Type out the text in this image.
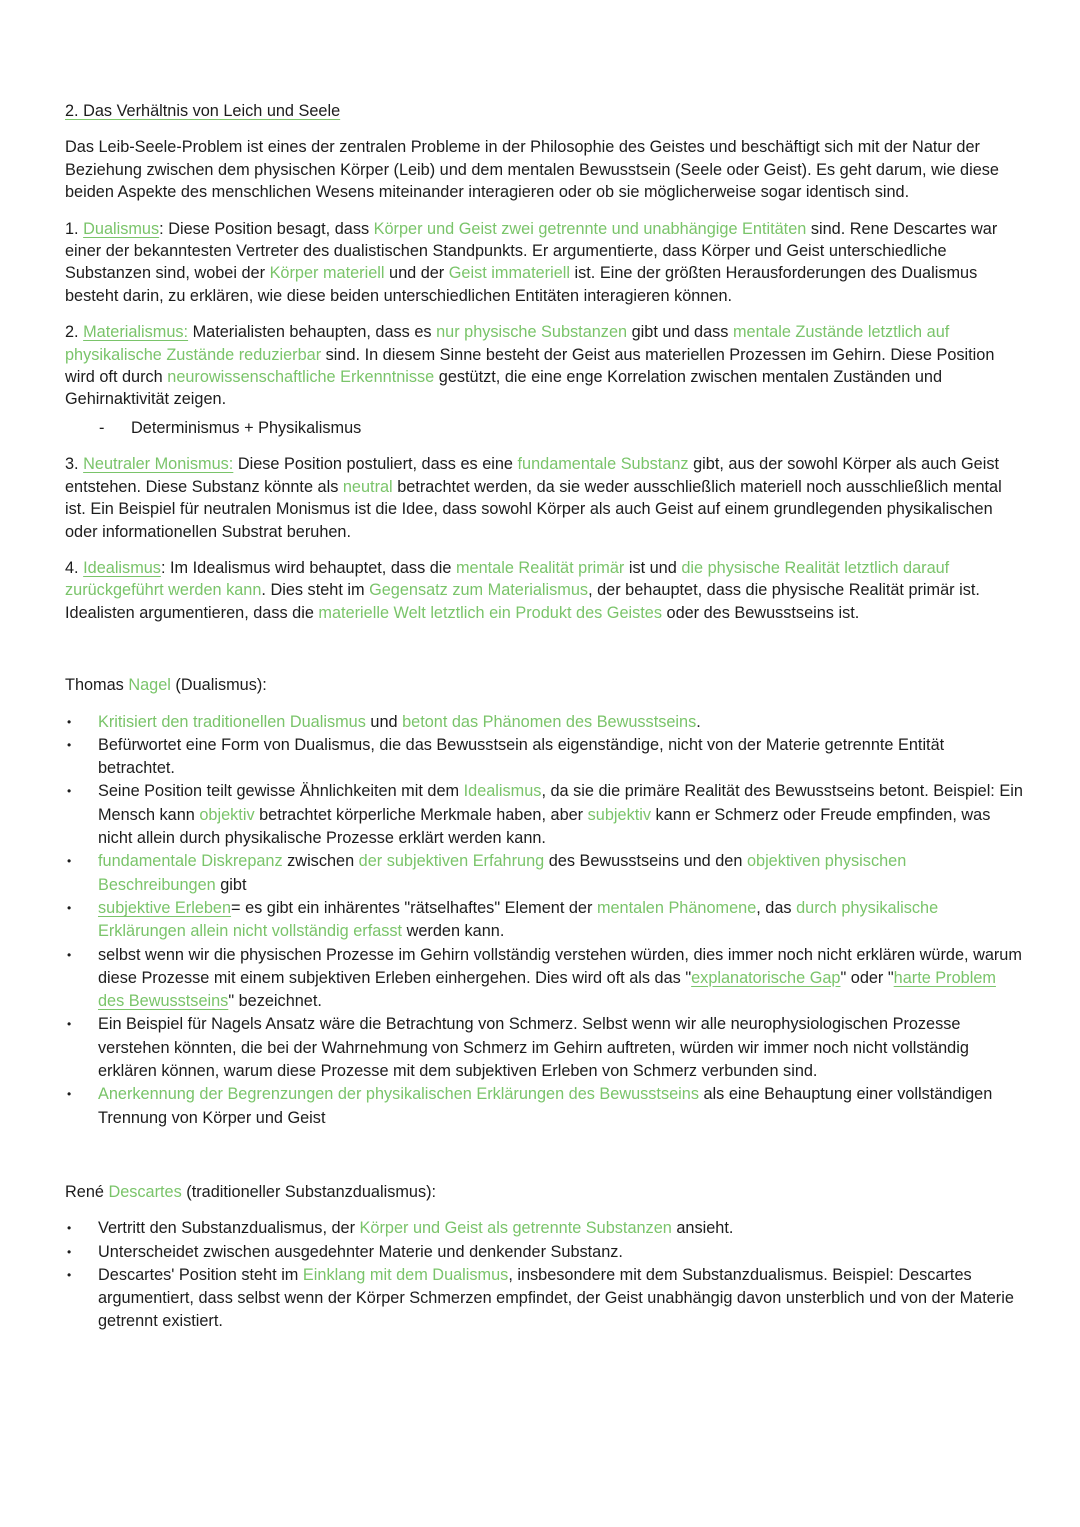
2. Das Verhältnis von Leich und Seele

Das Leib-Seele-Problem ist eines der zentralen Probleme in der Philosophie des Geistes und beschäftigt sich mit der Natur der Beziehung zwischen dem physischen Körper (Leib) und dem mentalen Bewusstsein (Seele oder Geist). Es geht darum, wie diese beiden Aspekte des menschlichen Wesens miteinander interagieren oder ob sie möglicherweise sogar identisch sind.

1. Dualismus: Diese Position besagt, dass Körper und Geist zwei getrennte und unabhängige Entitäten sind. Rene Descartes war einer der bekanntesten Vertreter des dualistischen Standpunkts. Er argumentierte, dass Körper und Geist unterschiedliche Substanzen sind, wobei der Körper materiell und der Geist immateriell ist. Eine der größten Herausforderungen des Dualismus besteht darin, zu erklären, wie diese beiden unterschiedlichen Entitäten interagieren können.

2. Materialismus: Materialisten behaupten, dass es nur physische Substanzen gibt und dass mentale Zustände letztlich auf physikalische Zustände reduzierbar sind. In diesem Sinne besteht der Geist aus materiellen Prozessen im Gehirn. Diese Position wird oft durch neurowissenschaftliche Erkenntnisse gestützt, die eine enge Korrelation zwischen mentalen Zuständen und Gehirnaktivität zeigen.

- Determinismus + Physikalismus

3. Neutraler Monismus: Diese Position postuliert, dass es eine fundamentale Substanz gibt, aus der sowohl Körper als auch Geist entstehen. Diese Substanz könnte als neutral betrachtet werden, da sie weder ausschließlich materiell noch ausschließlich mental ist. Ein Beispiel für neutralen Monismus ist die Idee, dass sowohl Körper als auch Geist auf einem grundlegenden physikalischen oder informationellen Substrat beruhen.

4. Idealismus: Im Idealismus wird behauptet, dass die mentale Realität primär ist und die physische Realität letztlich darauf zurückgeführt werden kann. Dies steht im Gegensatz zum Materialismus, der behauptet, dass die physische Realität primär ist. Idealisten argumentieren, dass die materielle Welt letztlich ein Produkt des Geistes oder des Bewusstseins ist.

Thomas Nagel (Dualismus):

• Kritisiert den traditionellen Dualismus und betont das Phänomen des Bewusstseins.
• Befürwortet eine Form von Dualismus, die das Bewusstsein als eigenständige, nicht von der Materie getrennte Entität betrachtet.
• Seine Position teilt gewisse Ähnlichkeiten mit dem Idealismus, da sie die primäre Realität des Bewusstseins betont. Beispiel: Ein Mensch kann objektiv betrachtet körperliche Merkmale haben, aber subjektiv kann er Schmerz oder Freude empfinden, was nicht allein durch physikalische Prozesse erklärt werden kann.
• fundamentale Diskrepanz zwischen der subjektiven Erfahrung des Bewusstseins und den objektiven physischen Beschreibungen gibt
• subjektive Erleben= es gibt ein inhärentes "rätselhaftes" Element der mentalen Phänomene, das durch physikalische Erklärungen allein nicht vollständig erfasst werden kann.
• selbst wenn wir die physischen Prozesse im Gehirn vollständig verstehen würden, dies immer noch nicht erklären würde, warum diese Prozesse mit einem subjektiven Erleben einhergehen. Dies wird oft als das "explanatorische Gap" oder "harte Problem des Bewusstseins" bezeichnet.
• Ein Beispiel für Nagels Ansatz wäre die Betrachtung von Schmerz. Selbst wenn wir alle neurophysiologischen Prozesse verstehen könnten, die bei der Wahrnehmung von Schmerz im Gehirn auftreten, würden wir immer noch nicht vollständig erklären können, warum diese Prozesse mit dem subjektiven Erleben von Schmerz verbunden sind.
• Anerkennung der Begrenzungen der physikalischen Erklärungen des Bewusstseins als eine Behauptung einer vollständigen Trennung von Körper und Geist

René Descartes (traditioneller Substanzdualismus):

• Vertritt den Substanzdualismus, der Körper und Geist als getrennte Substanzen ansieht.
• Unterscheidet zwischen ausgedehnter Materie und denkender Substanz.
• Descartes' Position steht im Einklang mit dem Dualismus, insbesondere mit dem Substanzdualismus. Beispiel: Descartes argumentiert, dass selbst wenn der Körper Schmerzen empfindet, der Geist unabhängig davon unsterblich und von der Materie getrennt existiert.
